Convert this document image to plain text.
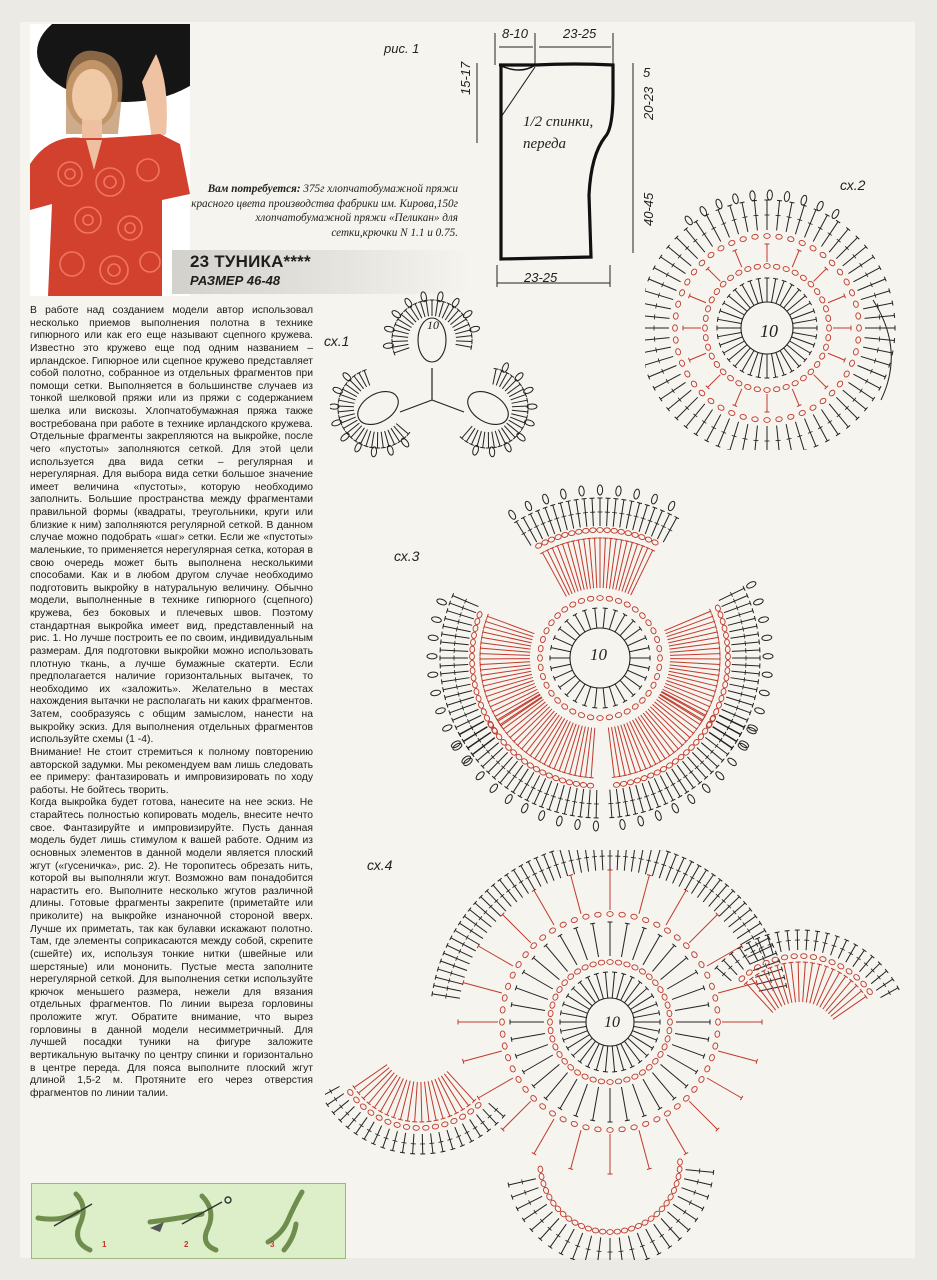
Вам потребуется: 375г хлопчатобумажной пряжи красного цвета производства фабрики им. Кирова,150г хлопчатобумажной пряжи «Пеликан» для сетки,крючки N 1.1 и 0.75.
23 ТУНИКА****
РАЗМЕР 46-48

В работе над созданием модели автор использовал несколько приемов выполнения полотна в технике гипюрного или как его еще называют сцепного кружева. Известно это кружево еще под одним названием – ирландское. Гипюрное или сцепное кружево представляет собой полотно, собранное из отдельных фрагментов при помощи сетки. Выполняется в большинстве случаев из тонкой шелковой пряжи или из пряжи с содержанием шелка или вискозы. Хлопчатобумажная пряжа также востребована при работе в технике ирландского кружева. Отдельные фрагменты закрепляются на выкройке, после чего «пустоты» заполняются сеткой. Для этой цели используется два вида сетки – регулярная и нерегулярная. Для выбора вида сетки большое значение имеет величина «пустоты», которую необходимо заполнить. Большие пространства между фрагментами правильной формы (квадраты, треугольники, круги или близкие к ним) заполняются регулярной сеткой. В данном случае можно подобрать «шаг» сетки. Если же «пустоты» маленькие, то применяется нерегулярная сетка, которая в свою очередь может быть выполнена несколькими способами. Как и в любом другом случае необходимо подготовить выкройку в натуральную величину. Обычно модели, выполненные в технике гипюрного (сцепного) кружева, без боковых и плечевых швов. Поэтому стандартная выкройка имеет вид, представленный на рис. 1. Но лучше построить ее по своим, индивидуальным размерам. Для подготовки выкройки можно использовать плотную ткань, а лучше бумажные скатерти. Если предполагается наличие горизонтальных вытачек, то необходимо их «заложить». Желательно в местах нахождения вытачки не располагать ни каких фрагментов. Затем, сообразуясь с общим замыслом, нанести на выкройку эскиз. Для выполнения отдельных фрагментов используйте схемы (1 -4).

Внимание! Не стоит стремиться к полному повторению авторской задумки. Мы рекомендуем вам лишь следовать ее примеру: фантазировать и импровизировать по ходу работы. Не бойтесь творить.

Когда выкройка будет готова, нанесите на нее эскиз. Не старайтесь полностью копировать модель, внесите нечто свое. Фантазируйте и импровизируйте. Пусть данная модель будет лишь стимулом к вашей работе. Одним из основных элементов в данной модели является плоский жгут («гусеничка», рис. 2). Не торопитесь обрезать нить, которой вы выполняли жгут. Возможно вам понадобится нарастить его. Выполните несколько жгутов различной длины. Готовые фрагменты закрепите (приметайте или приколите) на выкройке изнаночной стороной вверх. Лучше их приметать, так как булавки искажают полотно. Там, где элементы соприкасаются между собой, скрепите (сшейте) их, используя тонкие нитки (швейные или шерстяные) или мононить. Пустые места заполните нерегулярной сеткой. Для выполнения сетки используйте крючок меньшего размера, нежели для вязания отдельных фрагментов. По линии выреза горловины проложите жгут. Обратите внимание, что вырез горловины в данной модели несимметричный. Для лучшей посадки туники на фигуре заложите вертикальную вытачку по центру спинки и горизонтально в центре переда. Для пояса выполните плоский жгут длиной 1,5-2 м. Протяните его через отверстия фрагментов по линии талии.

рис. 1
8-10	23-25
15-17	5
20-23
40-45
23-25
1/2 спинки,
переда
сх.1
сх.2
сх.3
сх.4
10	10
10
10
1	2	3
